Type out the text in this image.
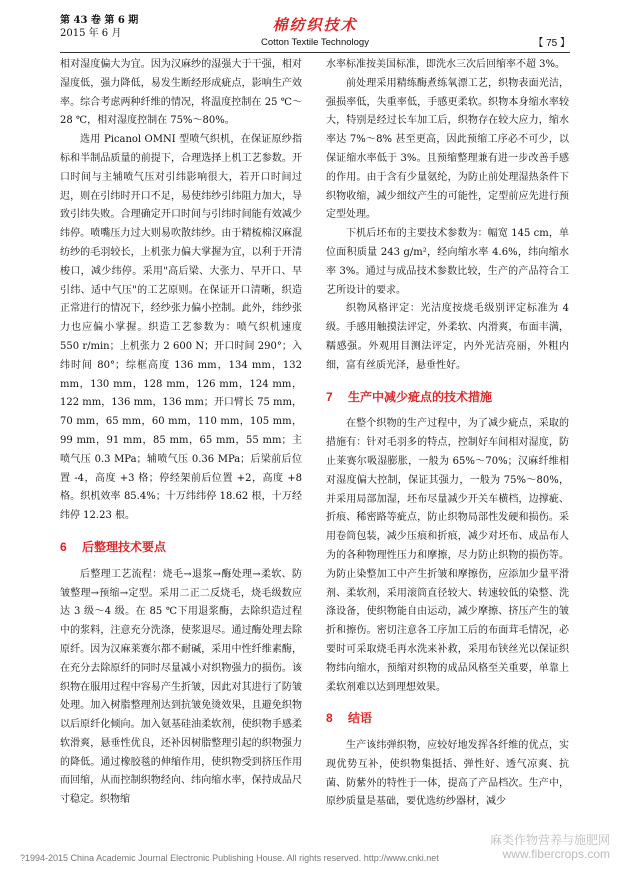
第 43 卷 第 6 期
2015 年 6 月	棉纺织技术
Cotton Textile Technology	【 75 】

相对湿度偏大为宜。因为汉麻纱的湿强大于干强，相对湿度低，强力降低，易发生断经形成疵点，影响生产效率。综合考虑两种纤维的情况，将温度控制在 25 ℃～28 ℃，相对湿度控制在 75%～80%。

选用 Picanol OMNI 型喷气织机，在保证原纱指标和半制品质量的前提下，合理选择上机工艺参数。开口时间与主辅喷气压对引纬影响很大，若开口时间过迟，则在引纬时开口不足，易使纬纱引纬阻力加大，导致引纬失败。合理确定开口时间与引纬时间能有效减少纬停。喷嘴压力过大则易吹散纬纱。由于精梳棉汉麻混纺纱的毛羽较长，上机张力偏大掌握为宜，以利于开清梭口，减少纬停。采用"高后梁、大张力、早开口、早引纬、适中气压"的工艺原则。在保证开口清晰，织造正常进行的情况下，经纱张力偏小控制。此外，纬纱张力也应偏小掌握。织造工艺参数为：喷气织机速度 550 r/min；上机张力 2 600 N；开口时间 290°；入纬时间 80°；综框高度 136 mm，134 mm，132 mm，130 mm，128 mm，126 mm，124 mm，122 mm，136 mm，136 mm；开口臂长 75 mm，70 mm，65 mm，60 mm，110 mm，105 mm，99 mm，91 mm，85 mm，65 mm，55 mm；主喷气压 0.3 MPa；辅喷气压 0.36 MPa；后梁前后位置 -4，高度 +3 格；停经架前后位置 +2，高度 +8 格。织机效率 85.4%；十万纬纬停 18.62 根，十万经纬停 12.23 根。

6	后整理技术要点

后整理工艺流程：烧毛→退浆→酶处理→柔软、防皱整理→预缩→定型。采用二正二反烧毛，烧毛级数应达 3 级～4 级。在 85 ℃下用退浆酶，去除织造过程中的浆料，注意充分洗涤，使浆退尽。通过酶处理去除原纤。因为汉麻莱赛尔都不耐碱，采用中性纤维素酶，在充分去除原纤的同时尽量减小对织物强力的损伤。该织物在服用过程中容易产生折皱，因此对其进行了防皱处理。加入树脂整理剂达到抗皱免烫效果，且避免织物以后原纤化倾向。加入氨基硅油柔软剂，使织物手感柔软滑爽，悬垂性优良，还补因树脂整理引起的织物强力的降低。通过橡胶毯的伸缩作用，使织物受到挤压作用而回缩，从而控制织物经向、纬向缩水率，保持成品尺寸稳定。织物缩

水率标准按美国标准，即洗水三次后回缩率不超 3%。

前处理采用精练酶煮练氧漂工艺，织物表面光洁，强损率低，失重率低，手感更柔软。织物本身缩水率较大，特别是经过长车加工后，织物存在较大应力，缩水率达 7%～8% 甚至更高，因此预缩工序必不可少，以保证缩水率低于 3%。且预缩整理兼有进一步改善手感的作用。由于含有少量氨纶，为防止前处理湿热条件下织物收缩，减少细纹产生的可能性，定型前应先进行预定型处理。

下机后坯布的主要技术参数为：幅宽 145 cm，单位面积质量 243 g/m²，经向缩水率 4.6%，纬向缩水率 3%。通过与成品技术参数比较，生产的产品符合工艺所设计的要求。

织物风格评定：光洁度按烧毛级别评定标准为 4 级。手感用触摸法评定，外柔软、内滑爽，布面丰满，糯感强。外观用目测法评定，内外光洁亮丽，外粗内细，富有丝质光泽，悬垂性好。

7	生产中减少疵点的技术措施

在整个织物的生产过程中，为了减少疵点，采取的措施有：针对毛羽多的特点，控制好车间相对湿度，防止莱赛尔吸湿膨胀，一般为 65%～70%；汉麻纤维相对湿度偏大控制，保证其强力，一般为 75%～80%，并采用局部加湿，坯布尽量减少开关车横档，边撑疵、折痕、稀密路等疵点，防止织物局部性发硬和损伤。采用卷筒包装，减少压痕和折痕，减少对坯布、成品布人为的各种物理性压力和摩擦，尽力防止织物的损伤等。为防止染整加工中产生折皱和摩擦伤，应添加少量平滑剂、柔软剂，采用滚筒直径较大、转速较低的染整、洗涤设备，使织物能自由运动，减少摩擦、挤压产生的皱折和擦伤。密切注意各工序加工后的布面茸毛情况，必要时可采取烧毛再水洗来补救，采用布铗丝光以保证织物纬向缩水，预缩对织物的成品风格至关重要，单靠上柔软剂难以达到理想效果。

8	结语

生产该纬弹织物，应较好地发挥各纤维的优点，实现优势互补，使织物集挺括、弹性好、透气凉爽、抗菌、防紫外的特性于一体，提高了产品档次。生产中，原纱质量是基础，要优选纺纱器材，减少

?1994-2015 China Academic Journal Electronic Publishing House. All rights reserved. http://www.cnki.net
麻类作物营养与施肥网
www.fibercrops.com
